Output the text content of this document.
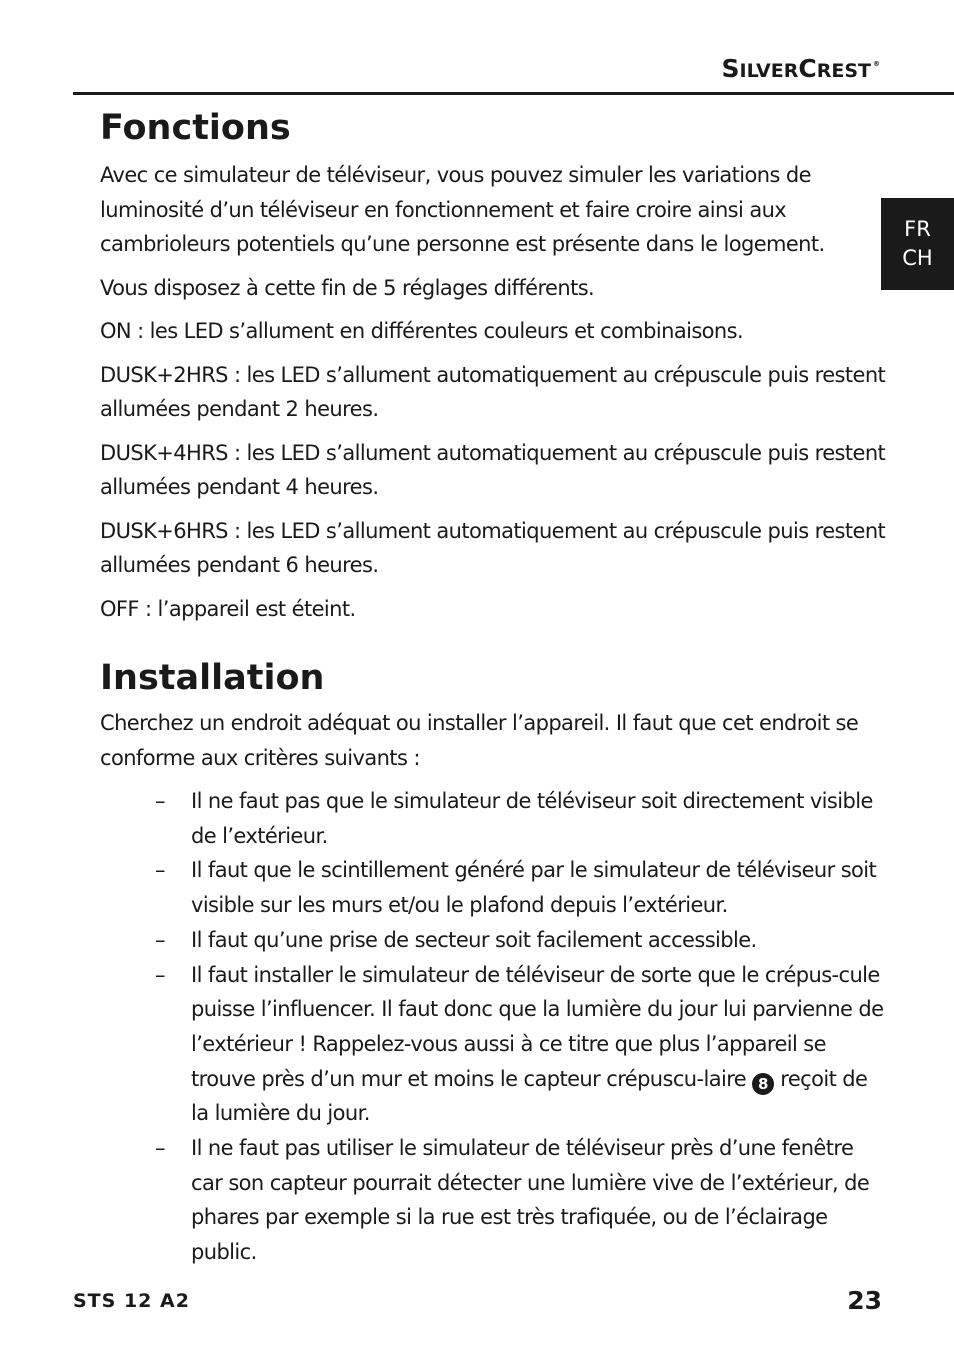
SILVERCREST ®
FR
CH
Fonctions

Avec ce simulateur de téléviseur, vous pouvez simuler les variations de luminosité d’un téléviseur en fonctionnement et faire croire ainsi aux cambrioleurs potentiels qu’une personne est présente dans le logement.

Vous disposez à cette fin de 5 réglages différents.

ON : les LED s’allument en différentes couleurs et combinaisons.

DUSK+2HRS : les LED s’allument automatiquement au crépuscule puis restent allumées pendant 2 heures.

DUSK+4HRS : les LED s’allument automatiquement au crépuscule puis restent allumées pendant 4 heures.

DUSK+6HRS : les LED s’allument automatiquement au crépuscule puis restent allumées pendant 6 heures.

OFF : l’appareil est éteint.

Installation

Cherchez un endroit adéquat ou installer l’appareil. Il faut que cet endroit se conforme aux critères suivants :

– Il ne faut pas que le simulateur de téléviseur soit directement visible de l’extérieur.
– Il faut que le scintillement généré par le simulateur de téléviseur soit visible sur les murs et/ou le plafond depuis l’extérieur.
– Il faut qu’une prise de secteur soit facilement accessible.
– Il faut installer le simulateur de téléviseur de sorte que le crépus-cule puisse l’influencer. Il faut donc que la lumière du jour lui parvienne de l’extérieur ! Rappelez-vous aussi à ce titre que plus l’appareil se trouve près d’un mur et moins le capteur crépuscu-laire 8 reçoit de la lumière du jour.
– Il ne faut pas utiliser le simulateur de téléviseur près d’une fenêtre car son capteur pourrait détecter une lumière vive de l’extérieur, de phares par exemple si la rue est très trafiquée, ou de l’éclairage public.
STS 12 A2	23
